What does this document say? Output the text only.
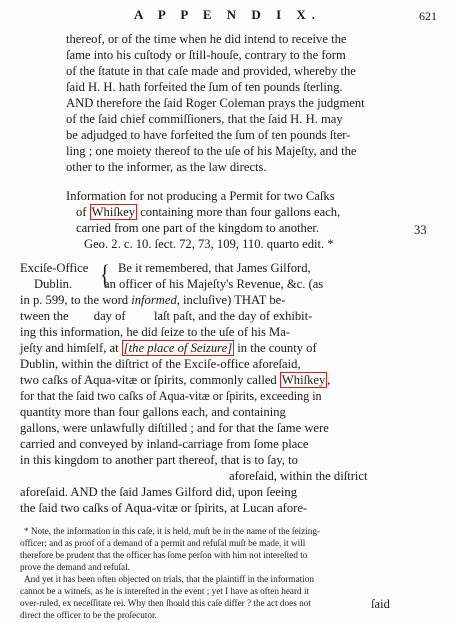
A P P E N D I X.	621
thereof, or of the time when he did intend to receive the
ſame into his cuſtody or ſtill-houſe, contrary to the form
of the ſtatute in that caſe made and provided, whereby the
ſaid H. H. hath forfeited the ſum of ten pounds ſterling.
AND therefore the ſaid Roger Coleman prays the judgment
of the ſaid chief commiſſioners, that the ſaid H. H. may
be adjudged to have forfeited the ſum of ten pounds ſter-
ling ; one moiety thereof to the uſe of his Majeſty, and the
other to the informer, as the law directs.
Information for not producing a Permit for two Caſks
of Whiſkey containing more than four gallons each,
carried from one part of the kingdom to another.	33
Geo. 2. c. 10. ſect. 72, 73, 109, 110. quarto edit. *
Exciſe-Office { Be it remembered, that James Gilford,
Dublin.	an officer of his Majeſty's Revenue, &c. (as
in p. 599, to the word informed, incluſive) THAT be-
tween the        day of         laſt paſt, and the day of exhibit-
ing this information, he did ſeize to the uſe of his Ma-
jeſty and himſelf, at [the place of Seizure] in the county of
Dublin, within the diſtrict of the Exciſe-office aforeſaid,
two caſks of Aqua-vitæ or ſpirits, commonly called Whiſkey ,
for that the ſaid two caſks of Aqua-vitæ or ſpirits, exceeding in
quantity more than four gallons each, and containing
gallons, were unlawfully diſtilled ; and for that the ſame were
carried and conveyed by inland-carriage from ſome place
in this kingdom to another part thereof, that is to ſay, to
aforeſaid, within the diſtrict
aforeſaid. AND the ſaid James Gilford did, upon ſeeing
the ſaid two caſks of Aqua-vitæ or ſpirits, at Lucan afore-
* Note, the information in this caſe, it is held, muſt be in the name of the ſeizing-
officer; and as proof of a demand of a permit and refuſal muſt be made, it will
therefore be prudent that the officer has ſome perſon with him not intereſted to
prove the demand and refuſal.
And yet it has been often objected on trials, that the plaintiff in the information
cannot be a witneſs, as he is intereſted in the event ; yet I have as often heard it
over-ruled, ex neceſſitate rei. Why then ſhould this caſe differ ? the act does not
direct the officer to be the proſecutor.
ſaid
